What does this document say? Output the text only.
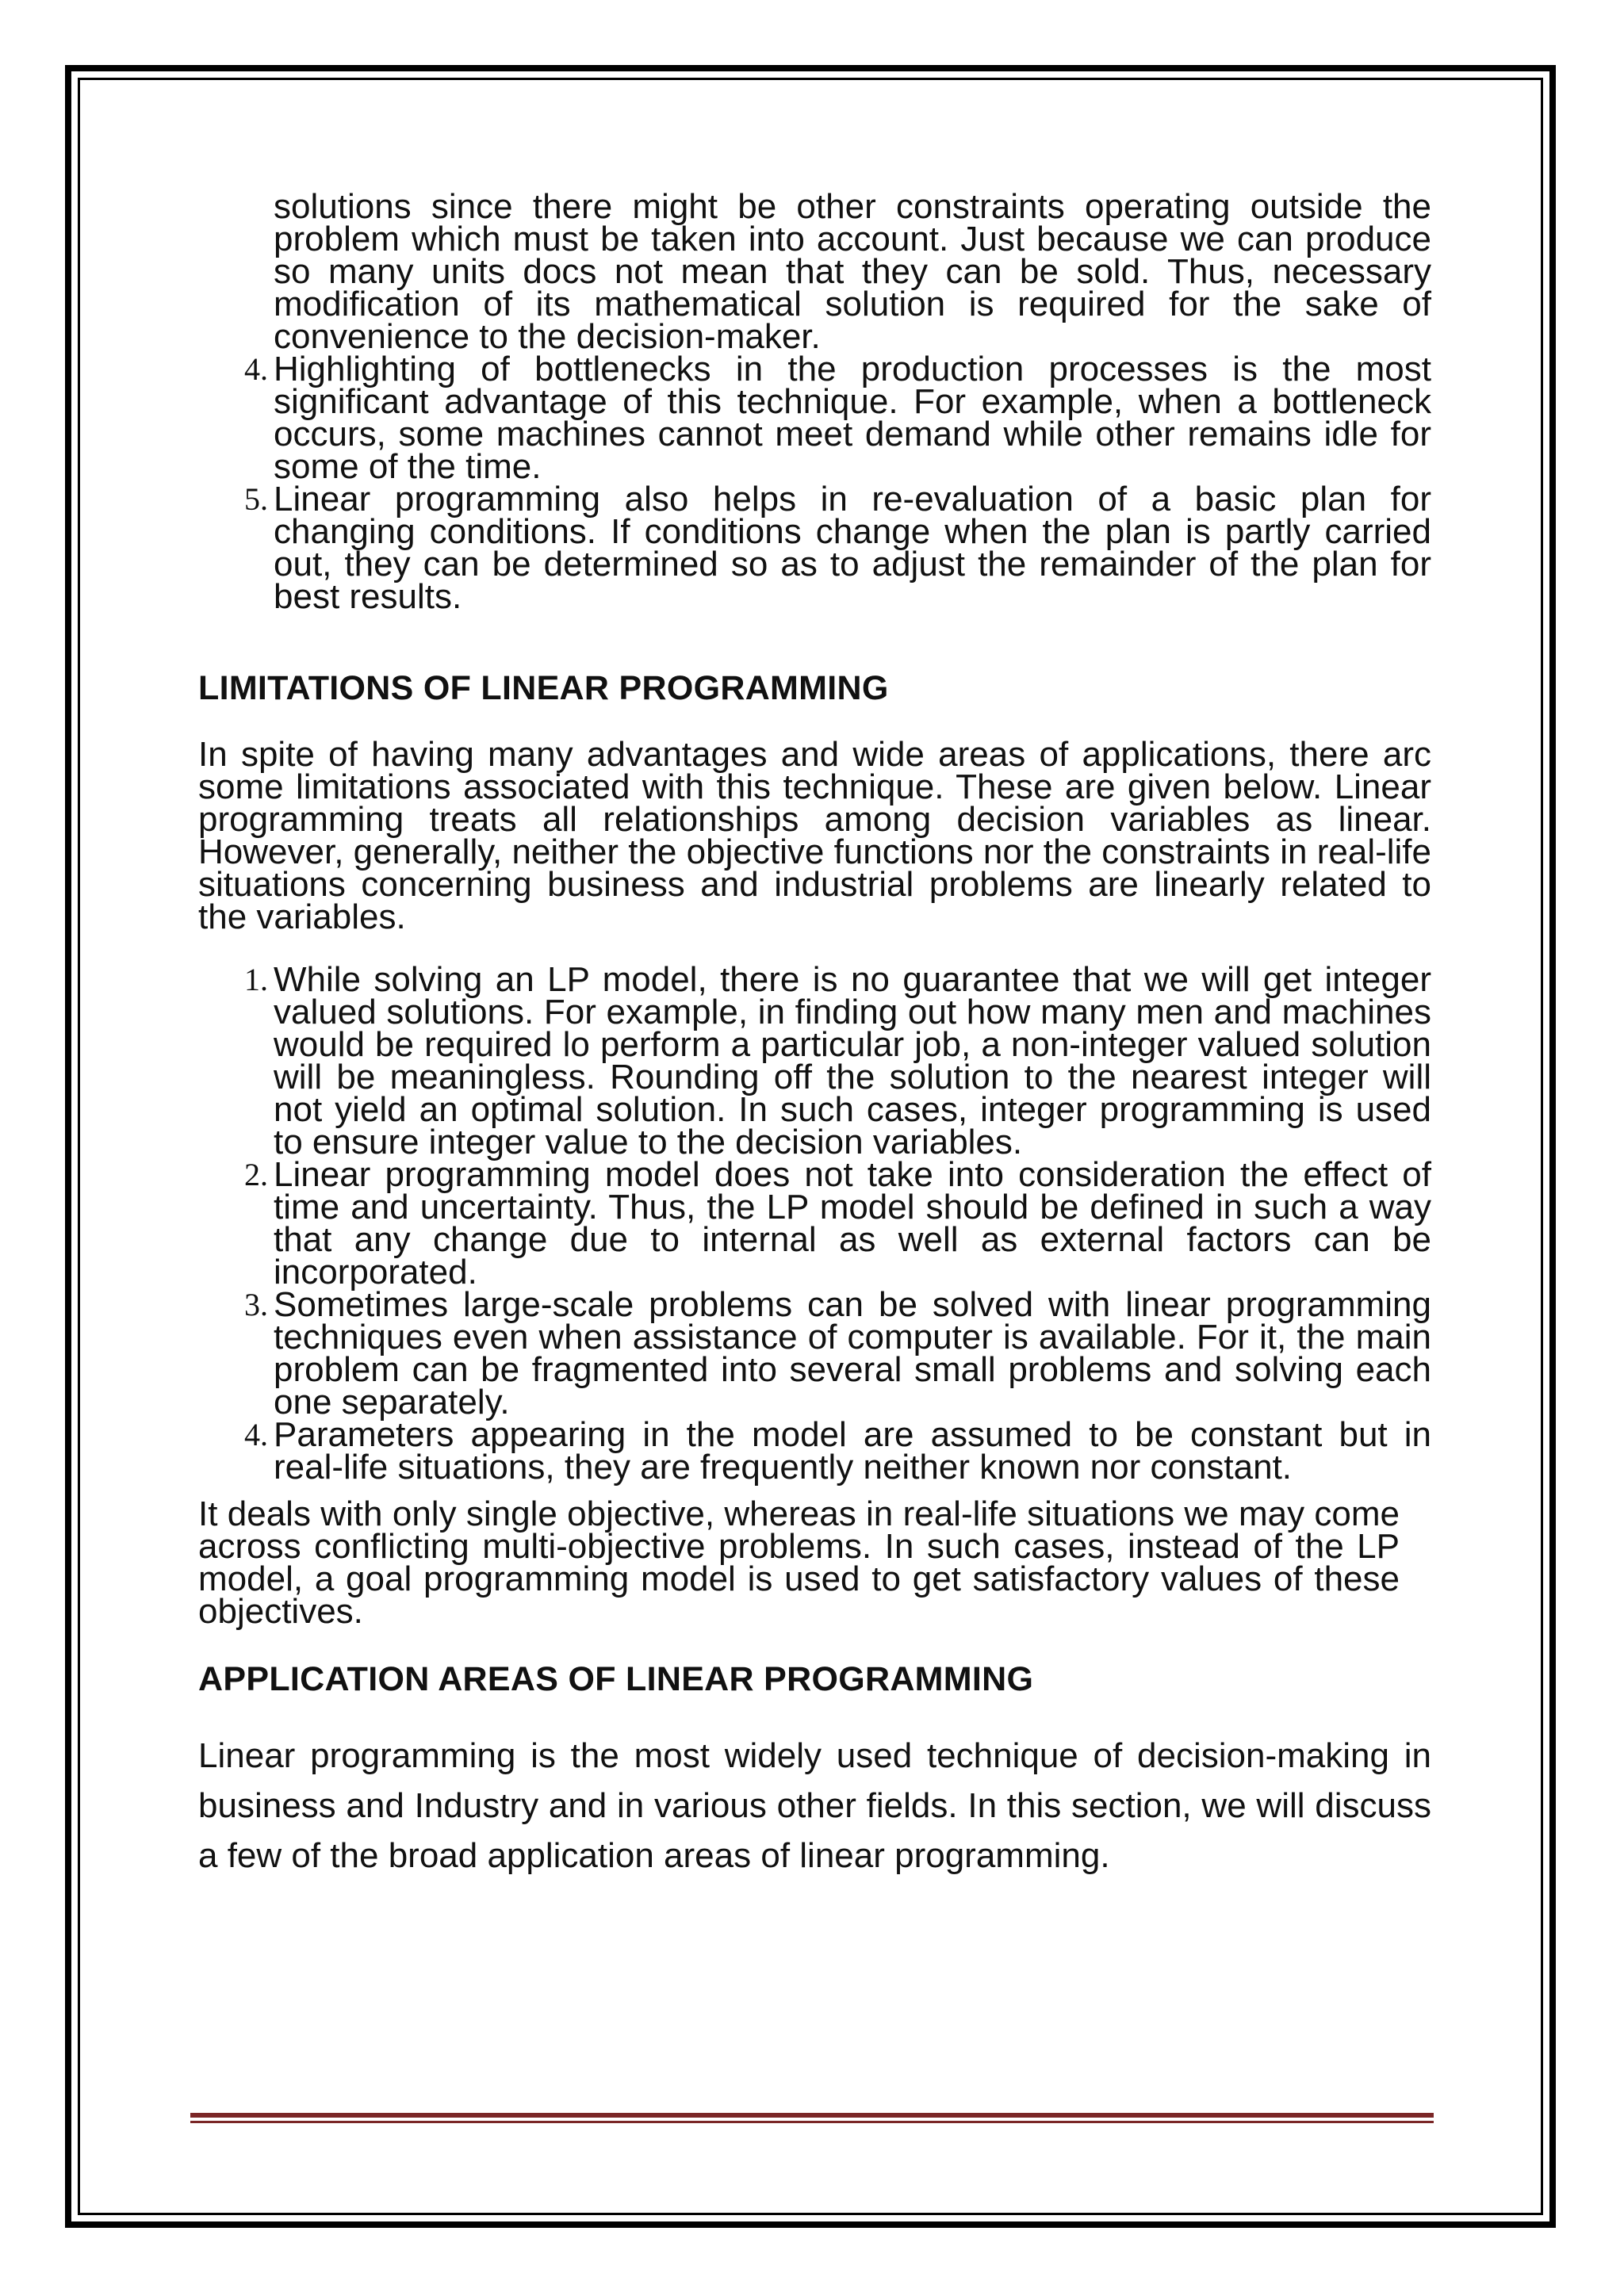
solutions since there might be other constraints operating outside the problem which must be taken into account. Just because we can produce so many units docs not mean that they can be sold. Thus, necessary modification of its mathematical solution is required for the sake of convenience to the decision-maker.

4. Highlighting of bottlenecks in the production processes is the most significant advantage of this technique. For example, when a bottleneck occurs, some machines cannot meet demand while other remains idle for some of the time.
5. Linear programming also helps in re-evaluation of a basic plan for changing conditions. If conditions change when the plan is partly carried out, they can be determined so as to adjust the remainder of the plan for best results.
LIMITATIONS OF LINEAR PROGRAMMING

In spite of having many advantages and wide areas of applications, there arc some limitations associated with this technique. These are given below. Linear programming treats all relationships among decision variables as linear. However, generally, neither the objective functions nor the constraints in real-life situations concerning business and industrial problems are linearly related to the variables.

1. While solving an LP model, there is no guarantee that we will get integer valued solutions. For example, in finding out how many men and machines would be required lo perform a particular job, a non-integer valued solution will be meaningless. Rounding off the solution to the nearest integer will not yield an optimal solution. In such cases, integer programming is used to ensure integer value to the decision variables.
2. Linear programming model does not take into consideration the effect of time and uncertainty. Thus, the LP model should be defined in such a way that any change due to internal as well as external factors can be incorporated.
3. Sometimes large-scale problems can be solved with linear programming techniques even when assistance of computer is available. For it, the main problem can be fragmented into several small problems and solving each one separately.
4. Parameters appearing in the model are assumed to be constant but in real-life situations, they are frequently neither known nor constant.

It deals with only single objective, whereas in real-life situations we may come across conflicting multi-objective problems. In such cases, instead of the LP model, a goal programming model is used to get satisfactory values of these objectives.

APPLICATION AREAS OF LINEAR PROGRAMMING

Linear programming is the most widely used technique of decision-making in business and Industry and in various other fields. In this section, we will discuss a few of the broad application areas of linear programming.
